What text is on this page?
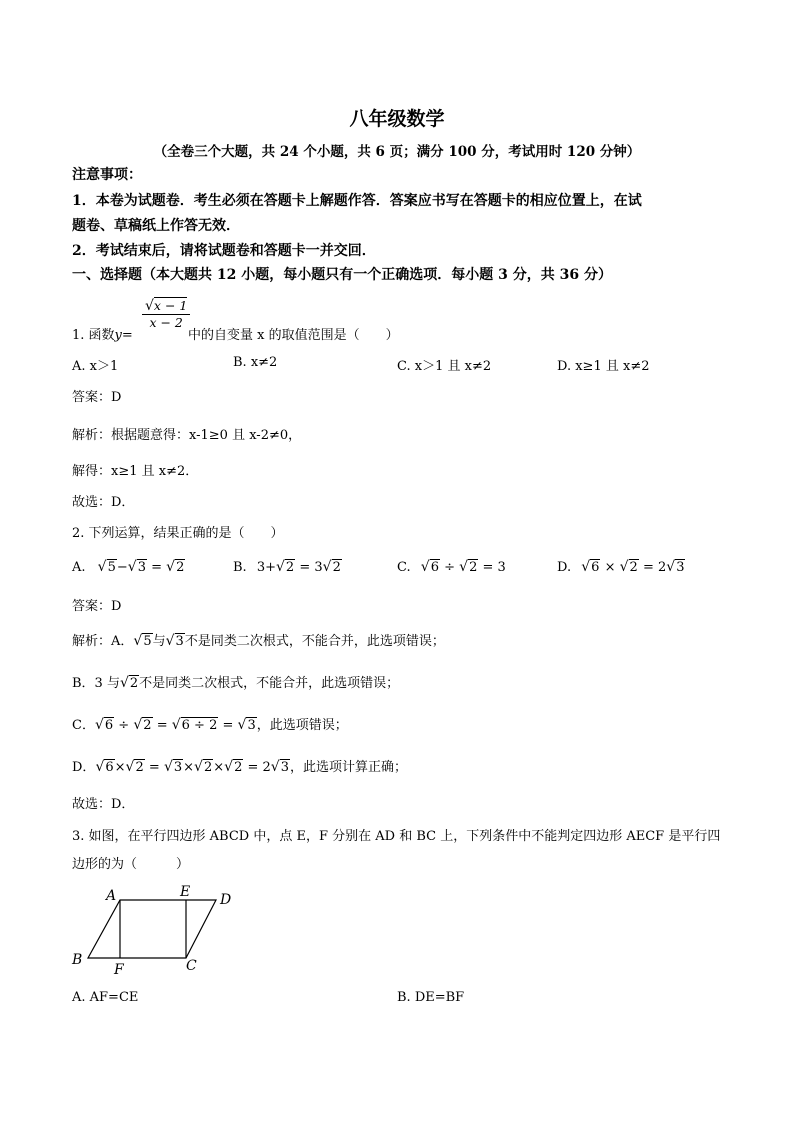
八年级数学
（全卷三个大题，共 24 个小题，共 6 页；满分 100 分，考试用时 120 分钟）
注意事项：
1．本卷为试题卷．考生必须在答题卡上解题作答．答案应书写在答题卡的相应位置上，在试
题卷、草稿纸上作答无效．
2．考试结束后，请将试题卷和答题卡一并交回．
一、选择题（本大题共 12 小题，每小题只有一个正确选项．每小题 3 分，共 36 分）
1. 函数y=
√x − 1
x − 2
中的自变量 x 的取值范围是（　　）
A. x＞1	B. x≠2	C. x＞1 且 x≠2	D. x≥1 且 x≠2
答案：D
解析：根据题意得：x-1≥0 且 x-2≠0，
解得：x≥1 且 x≠2．
故选：D．
2. 下列运算，结果正确的是（　　）
A. √5−√3 = √2	B. 3+√2 = 3√2	C. √6 ÷ √2 = 3	D. √6 × √2 = 2√3
答案：D
解析：A．√5与√3不是同类二次根式，不能合并，此选项错误；
B．3 与√2不是同类二次根式，不能合并，此选项错误；
C．√6 ÷ √2 = √6 ÷ 2 = √3，此选项错误；
D．√6×√2 = √3×√2×√2 = 2√3，此选项计算正确；
故选：D．
3. 如图，在平行四边形 ABCD 中，点 E，F 分别在 AD 和 BC 上，下列条件中不能判定四边形 AECF 是平行四
边形的为（　　　）
A	E D
B
F	C
A. AF=CE	B. DE=BF
